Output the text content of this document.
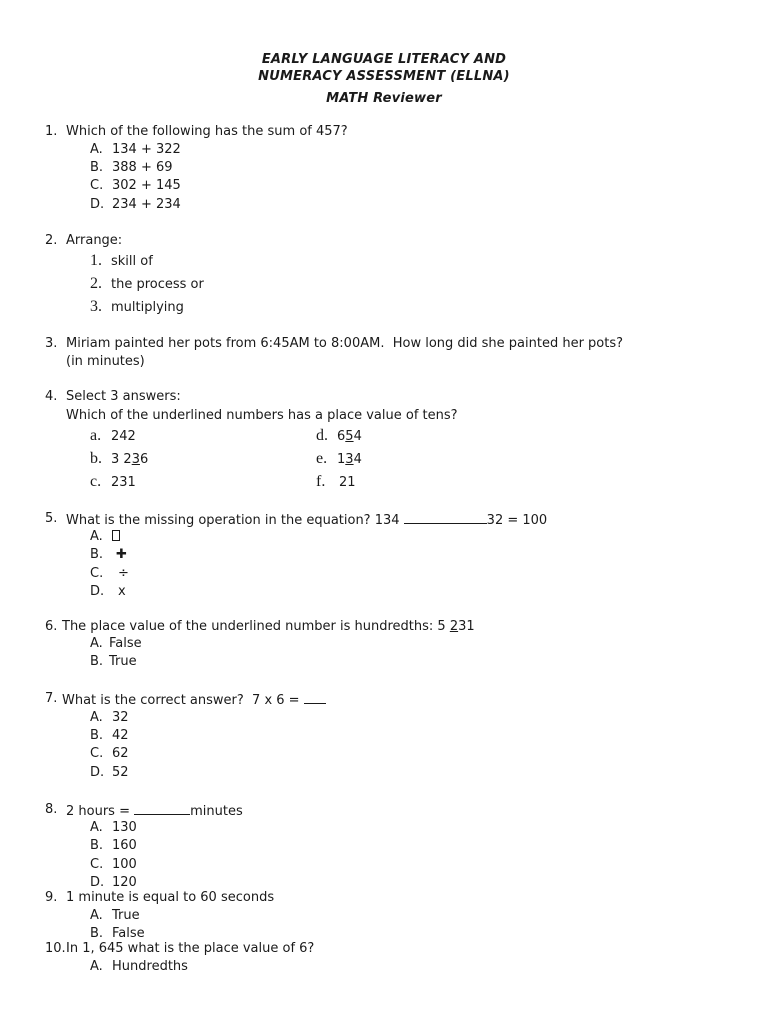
EARLY LANGUAGE LITERACY AND
NUMERACY ASSESSMENT (ELLNA)
MATH Reviewer
1. Which of the following has the sum of 457?
A. 134 + 322
B. 388 + 69
C. 302 + 145
D. 234 + 234
2. Arrange:
1. skill of
2. the process or
3. multiplying
3. Miriam painted her pots from 6:45AM to 8:00AM.  How long did she painted her pots?
(in minutes)
4. Select 3 answers:
Which of the underlined numbers has a place value of tens?
a. 242	d. 654
b. 3 236	e. 134
c. 231	f. 21
5. What is the missing operation in the equation? 134	32 = 100
A.
B. ✚
C. ÷
D. x
6. The place value of the underlined number is hundredths: 5 231
A. False
B. True
7. What is the correct answer?  7 x 6 =
A. 32
B. 42
C. 62
D. 52
8. 2 hours =	minutes
A. 130
B. 160
C. 100
D. 120
9. 1 minute is equal to 60 seconds
A. True
B. False
10. In 1, 645 what is the place value of 6?
A. Hundredths
